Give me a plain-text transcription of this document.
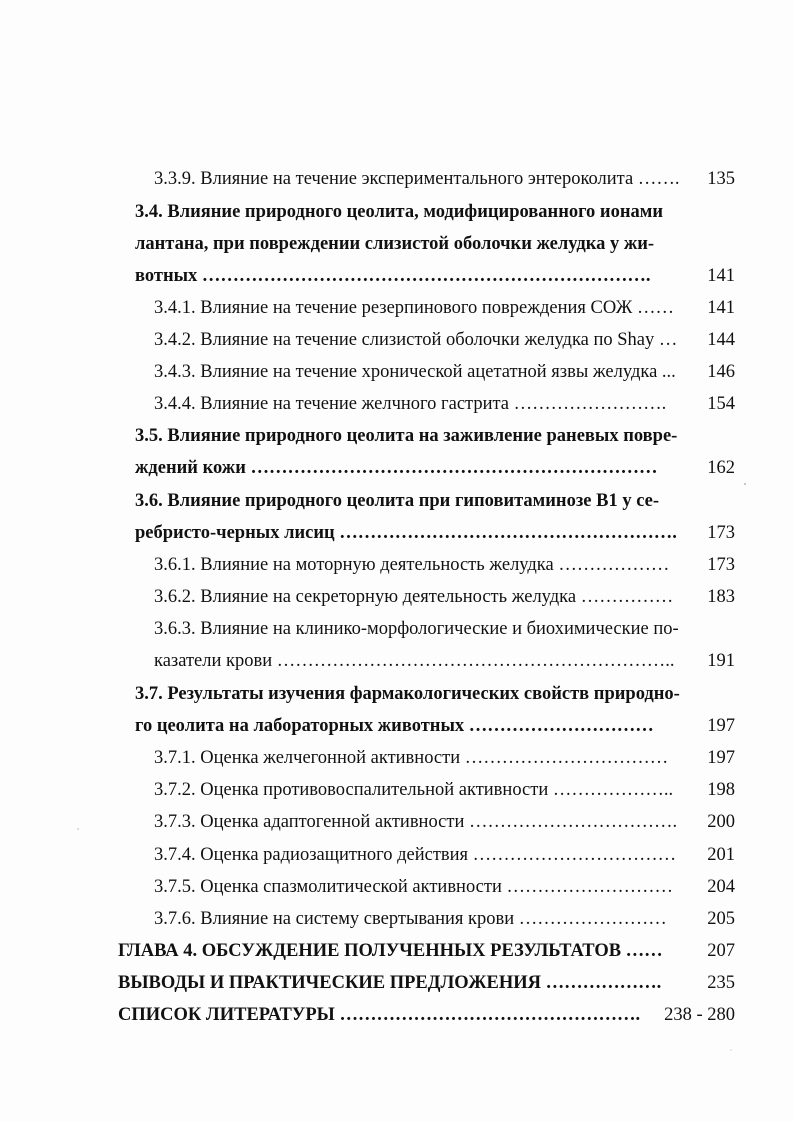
3.3.9. Влияние на течение экспериментального энтероколита ……. 135
3.4. Влияние природного цеолита, модифицированного ионами
лантана, при повреждении слизистой оболочки желудка у жи-
вотных ……………………………………………………………….	141
3.4.1. Влияние на течение резерпинового повреждения СОЖ …… 141
3.4.2. Влияние на течение слизистой оболочки желудка по Shay … 144
3.4.3. Влияние на течение хронической ацетатной язвы желудка ... 146
3.4.4. Влияние на течение желчного гастрита ……………………. 154
3.5. Влияние природного цеолита на заживление раневых повре-
ждений кожи …………………………………………………………	162
3.6. Влияние природного цеолита при гиповитаминозе В1 у се-
ребристо-черных лисиц ………………………………………………. 173
3.6.1. Влияние на моторную деятельность желудка ……………… 173
3.6.2. Влияние на секреторную деятельность желудка …………… 183
3.6.3. Влияние на клинико-морфологические и биохимические по-
казатели крови ……………………………………………………….. 191
3.7. Результаты изучения фармакологических свойств природно-
го цеолита на лабораторных животных …………………………	197
3.7.1. Оценка желчегонной активности …………………………… 197
3.7.2. Оценка противовоспалительной активности ……………….. 198
3.7.3. Оценка адаптогенной активности ……………………………. 200
3.7.4. Оценка радиозащитного действия …………………………… 201
3.7.5. Оценка спазмолитической активности ……………………… 204
3.7.6. Влияние на систему свертывания крови …………………… 205
ГЛАВА 4. ОБСУЖДЕНИЕ ПОЛУЧЕННЫХ РЕЗУЛЬТАТОВ …… 207
ВЫВОДЫ И ПРАКТИЧЕСКИЕ ПРЕДЛОЖЕНИЯ ………………. 235
СПИСОК ЛИТЕРАТУРЫ …………………………………………. 238 - 280
